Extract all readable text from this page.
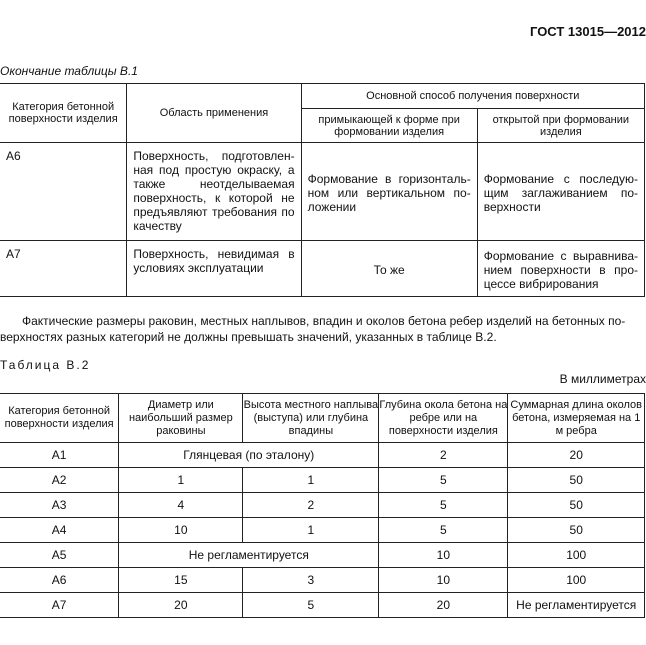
ГОСТ 13015—2012
Окончание таблицы В.1
Категория бетонной поверхности изделия	Область применения	Основной способ получения поверхности	
		примыкающей к форме при формовании изделия	открытой при формовании изделия
А6	Поверхность, подготовленная под простую окраску, а также неотделываемая поверхность, к которой не предъявляют требования по качеству	Формование в горизонтальном или вертикальном положении	Формование с последующим заглаживанием поверхности
А7	Поверхность, невидимая в условиях эксплуатации	То же	Формование с выравниванием поверхности в процессе вибрирования
Фактические размеры раковин, местных наплывов, впадин и околов бетона ребер изделий на бетонных по-
верхностях разных категорий не должны превышать значений, указанных в таблице В.2.
Таблица В.2
В миллиметрах
Категория бетонной поверхности изделия	Диаметр или наибольший размер раковины	Высота местного наплыва (выступа) или глубина впадины	Глубина окола бетона на ребре или на поверхности изделия	Суммарная длина околов бетона, измеряемая на 1 м ребра
А1	Глянцевая (по эталону)		2	20
А2	1	1	5	50
А3	4	2	5	50
А4	10	1	5	50
А5	Не регламентируется		10	100
А6	15	3	10	100
А7	20	5	20	Не регламентируется
